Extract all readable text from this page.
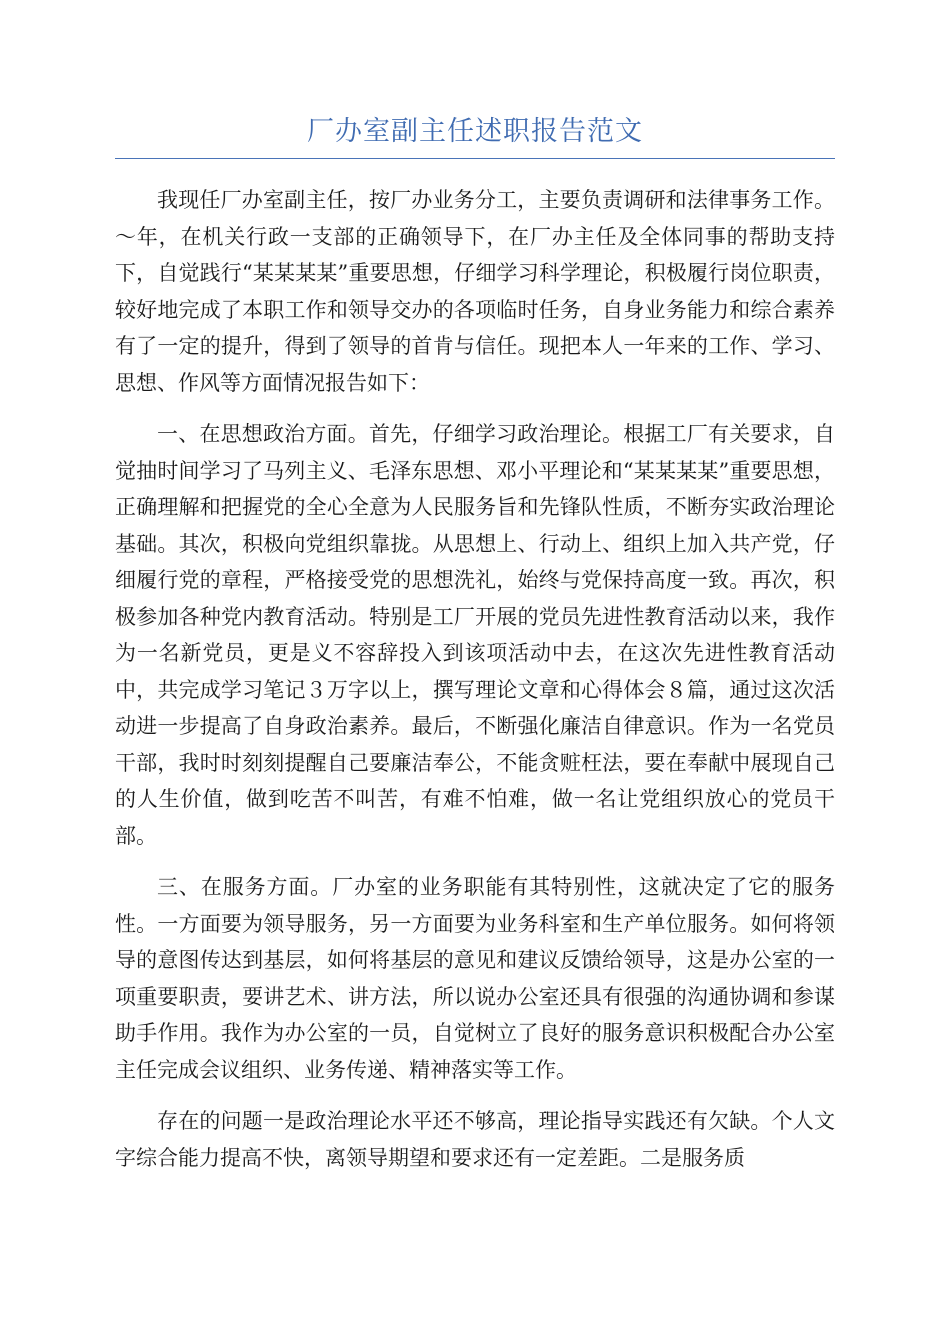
厂办室副主任述职报告范文

我现任厂办室副主任，按厂办业务分工，主要负责调研和法律事务工作。～年，在机关行政一支部的正确领导下，在厂办主任及全体同事的帮助支持下，自觉践行“某某某某”重要思想，仔细学习科学理论，积极履行岗位职责，较好地完成了本职工作和领导交办的各项临时任务，自身业务能力和综合素养有了一定的提升，得到了领导的首肯与信任。现把本人一年来的工作、学习、思想、作风等方面情况报告如下：

一、在思想政治方面。首先，仔细学习政治理论。根据工厂有关要求，自觉抽时间学习了马列主义、毛泽东思想、邓小平理论和“某某某某”重要思想，正确理解和把握党的全心全意为人民服务旨和先锋队性质，不断夯实政治理论基础。其次，积极向党组织靠拢。从思想上、行动上、组织上加入共产党，仔细履行党的章程，严格接受党的思想洗礼，始终与党保持高度一致。再次，积极参加各种党内教育活动。特别是工厂开展的党员先进性教育活动以来，我作为一名新党员，更是义不容辞投入到该项活动中去，在这次先进性教育活动中，共完成学习笔记３万字以上，撰写理论文章和心得体会８篇，通过这次活动进一步提高了自身政治素养。最后，不断强化廉洁自律意识。作为一名党员干部，我时时刻刻提醒自己要廉洁奉公，不能贪赃枉法，要在奉献中展现自己的人生价值，做到吃苦不叫苦，有难不怕难，做一名让党组织放心的党员干部。

三、在服务方面。厂办室的业务职能有其特别性，这就决定了它的服务性。一方面要为领导服务，另一方面要为业务科室和生产单位服务。如何将领导的意图传达到基层，如何将基层的意见和建议反馈给领导，这是办公室的一项重要职责，要讲艺术、讲方法，所以说办公室还具有很强的沟通协调和参谋助手作用。我作为办公室的一员，自觉树立了良好的服务意识积极配合办公室主任完成会议组织、业务传递、精神落实等工作。

存在的问题一是政治理论水平还不够高，理论指导实践还有欠缺。个人文字综合能力提高不快，离领导期望和要求还有一定差距。二是服务质
